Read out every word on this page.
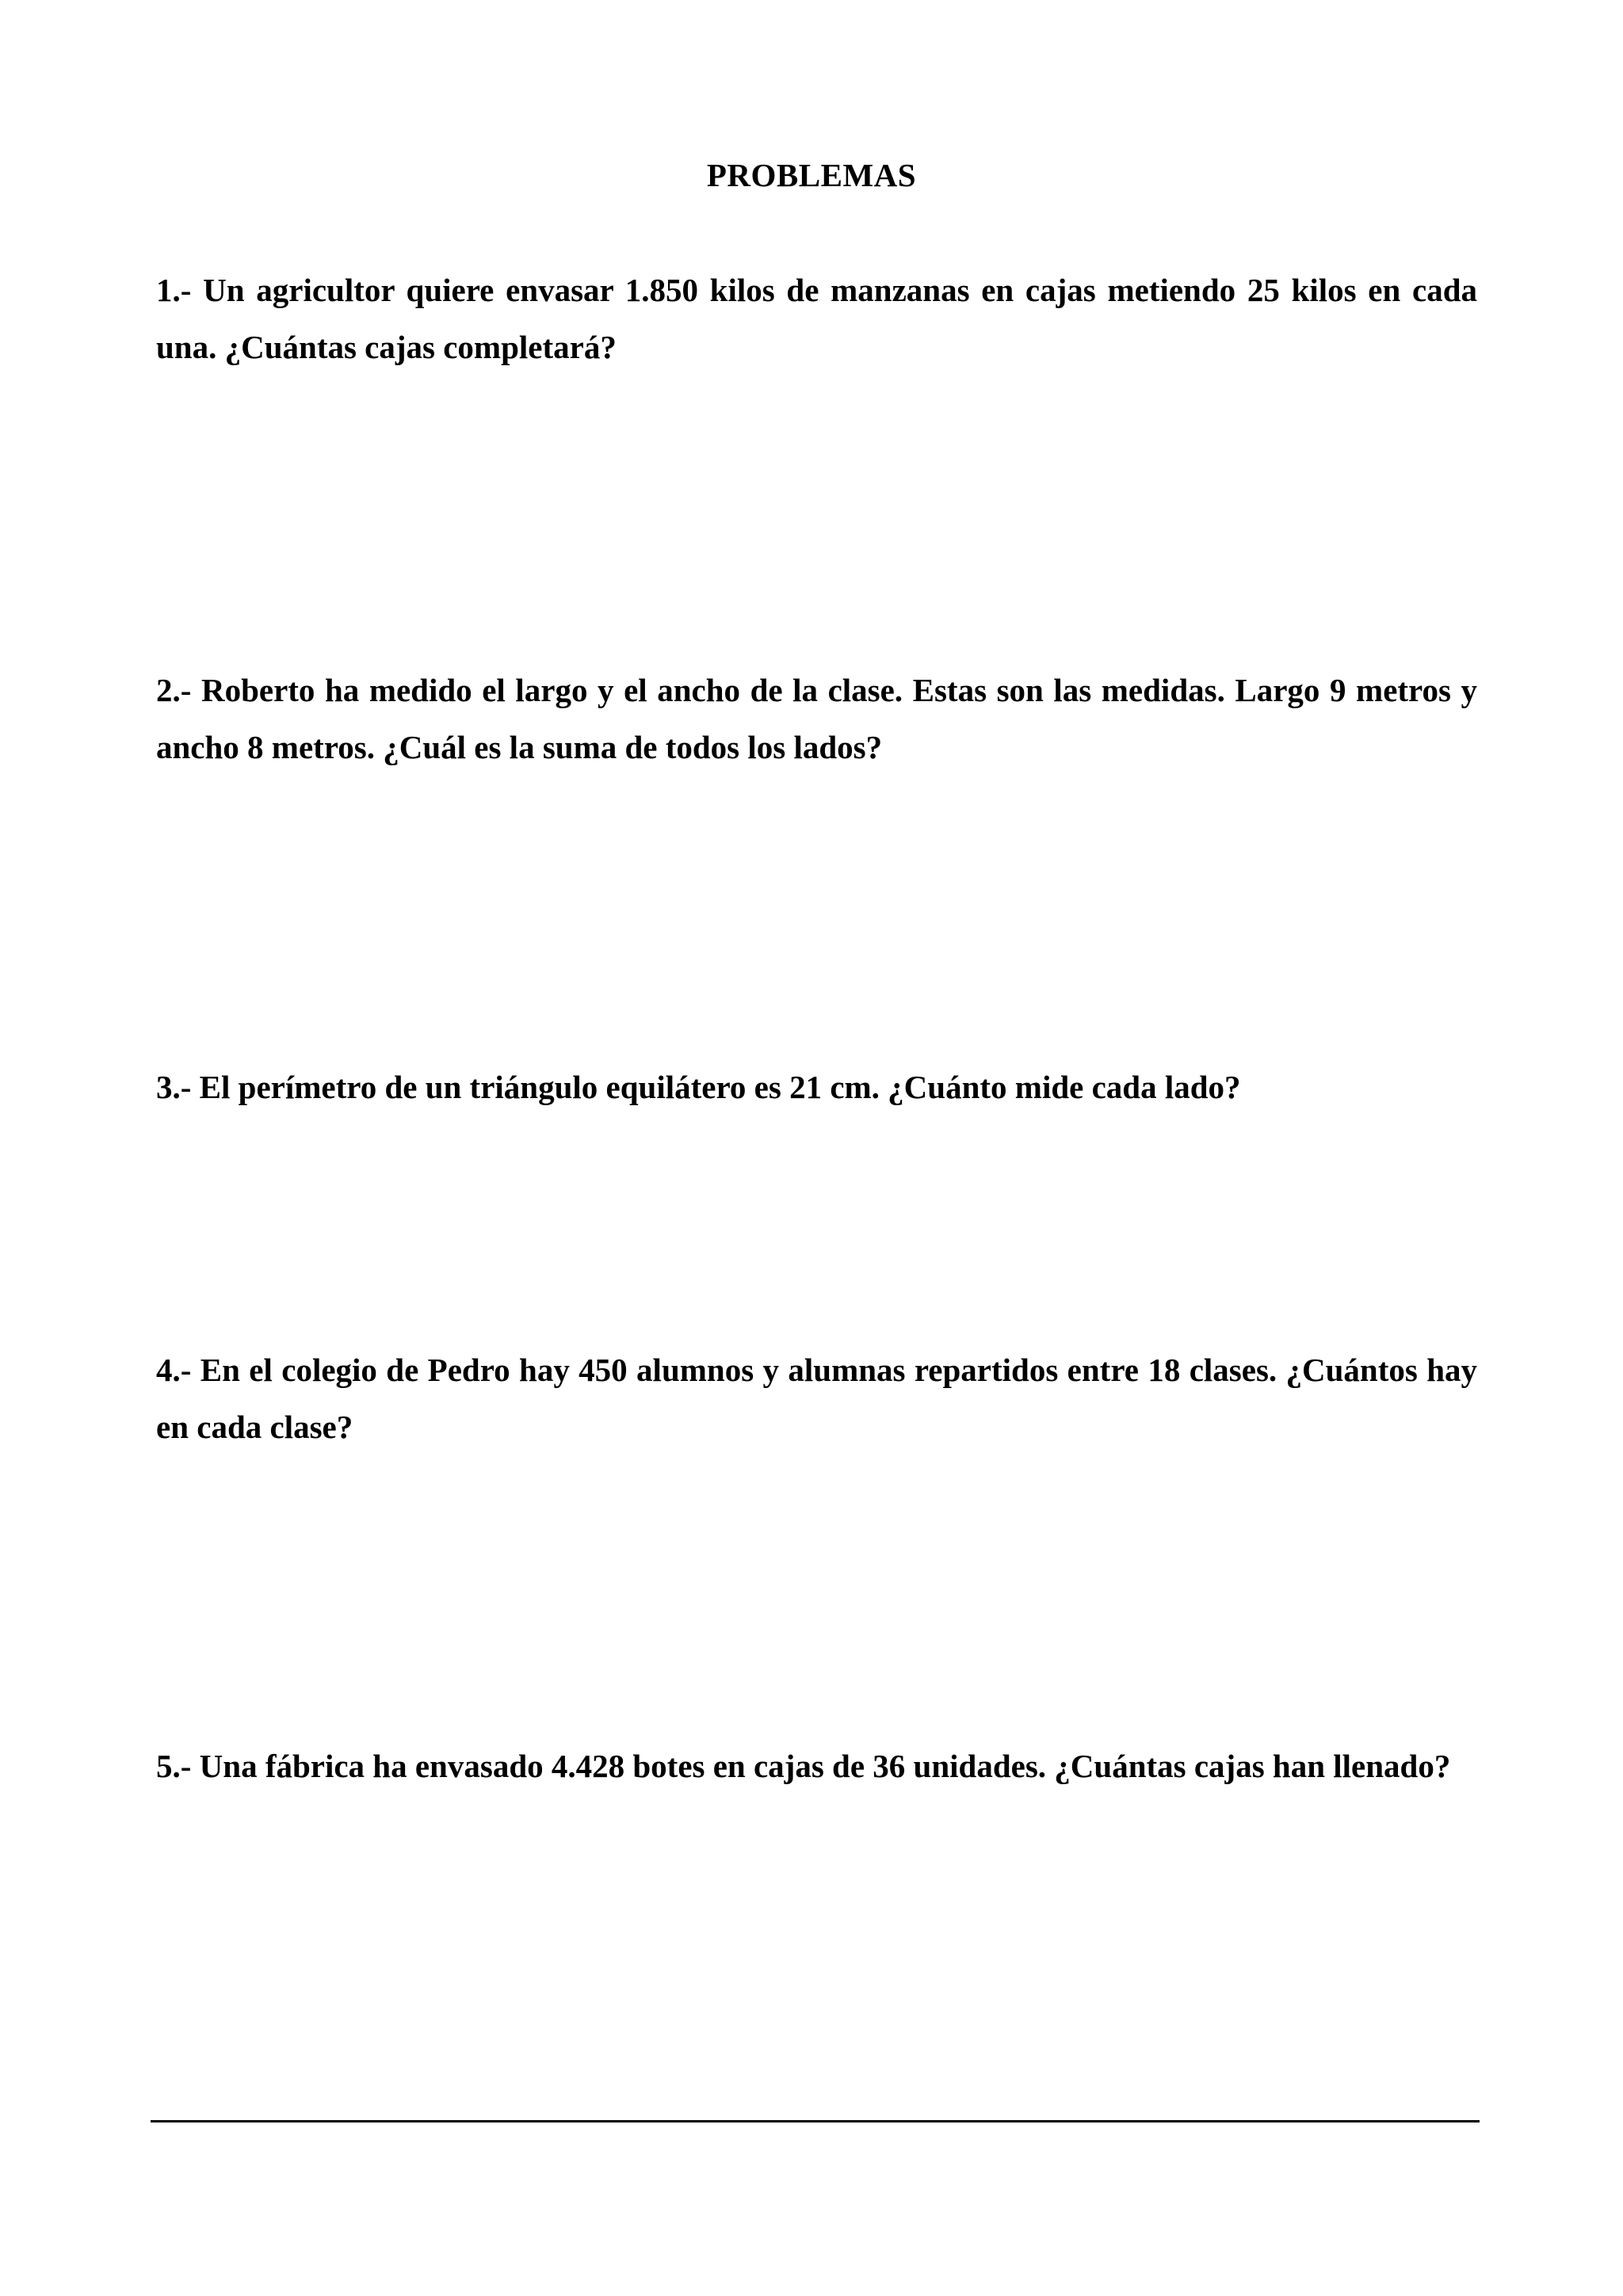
PROBLEMAS
1.- Un agricultor quiere envasar 1.850 kilos de manzanas en cajas metiendo 25 kilos en cada una. ¿Cuántas cajas completará?
2.- Roberto ha medido el largo y el ancho de la clase. Estas son las medidas. Largo 9 metros y ancho 8 metros. ¿Cuál es la suma de todos los lados?
3.- El perímetro de un triángulo equilátero es 21 cm. ¿Cuánto mide cada lado?
4.- En el colegio de Pedro hay 450 alumnos y alumnas repartidos entre 18 clases. ¿Cuántos hay en cada clase?
5.- Una fábrica ha envasado 4.428 botes en cajas de 36 unidades. ¿Cuántas cajas han llenado?
